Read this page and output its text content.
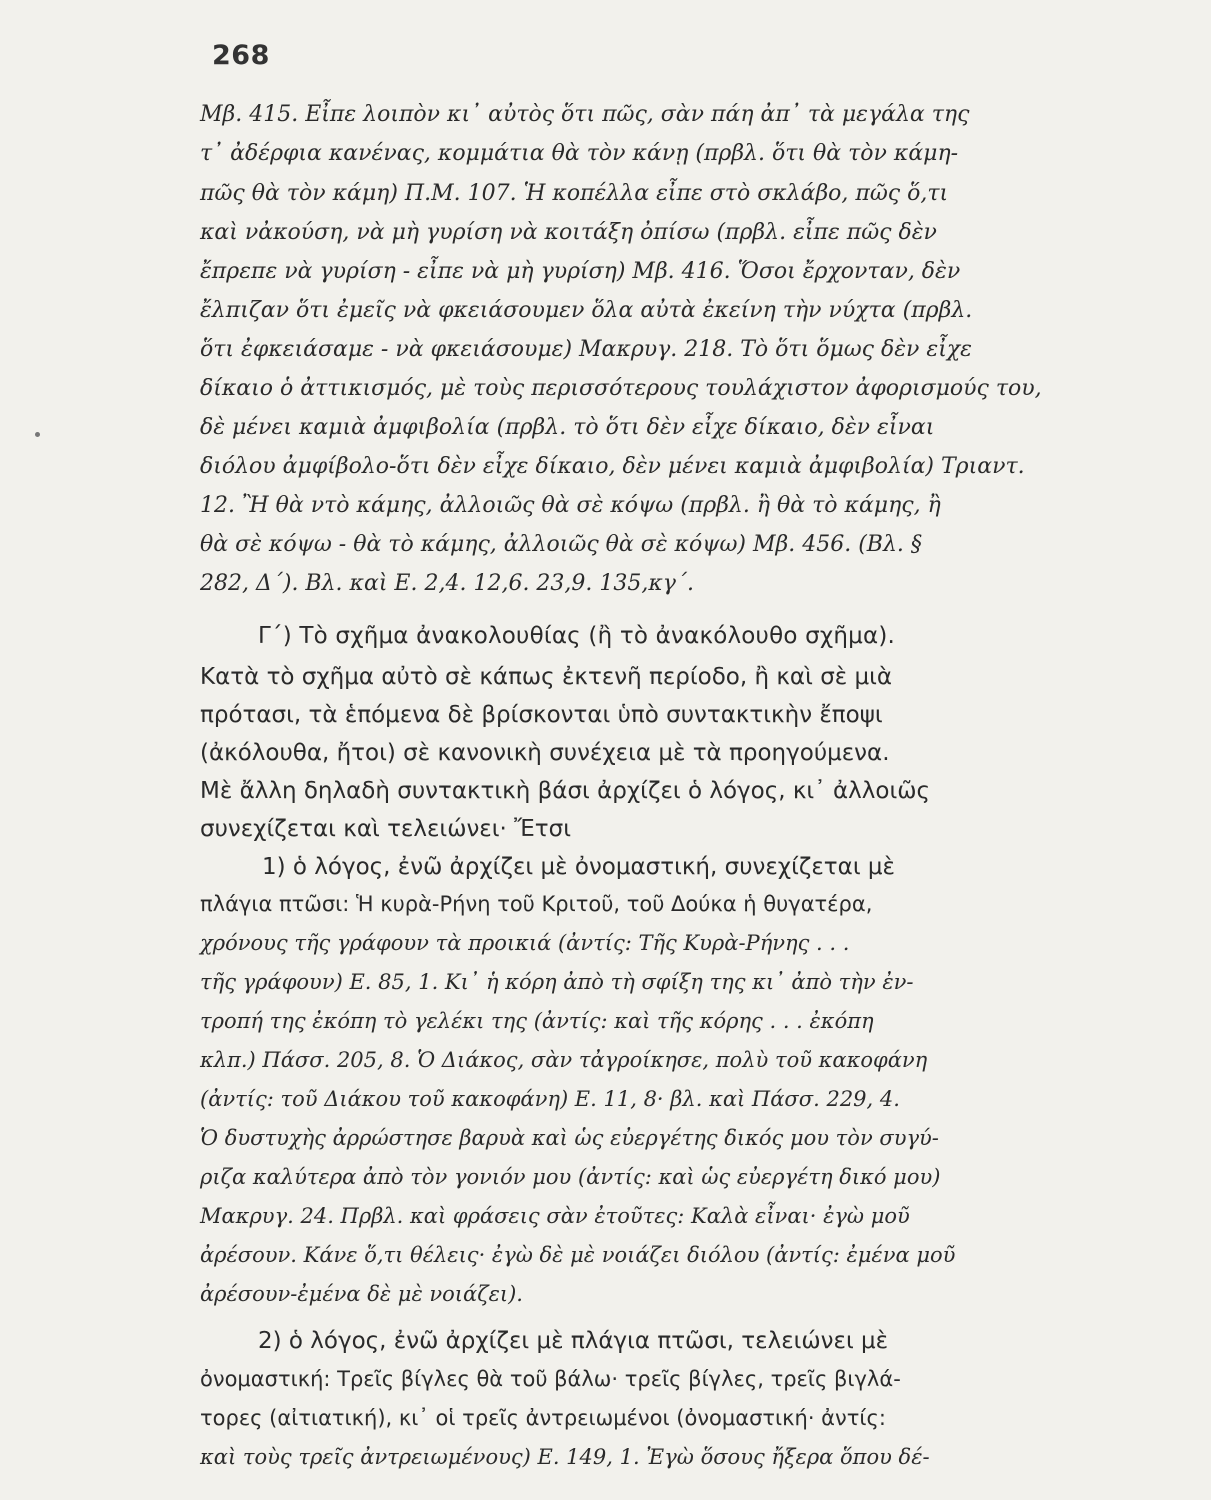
268
Μβ. 415. Εἶπε λοιπὸν κι᾽ αὐτὸς ὅτι πῶς, σὰν πάη ἀπ᾽ τὰ μεγάλα της
τ᾽ ἀδέρφια κανένας, κομμάτια θὰ τὸν κάνῃ (πρβλ. ὅτι θὰ τὸν κάμη-
πῶς θὰ τὸν κάμη) Π.Μ. 107. Ἡ κοπέλλα εἶπε στὸ σκλάβο, πῶς ὅ,τι
καὶ νἀκούση, νὰ μὴ γυρίση νὰ κοιτάξη ὀπίσω (πρβλ. εἶπε πῶς δὲν
ἔπρεπε νὰ γυρίση - εἶπε νὰ μὴ γυρίση) Μβ. 416. Ὅσοι ἔρχονταν, δὲν
ἔλπιζαν ὅτι ἐμεῖς νὰ φκειάσουμεν ὅλα αὐτὰ ἐκείνη τὴν νύχτα (πρβλ.
ὅτι ἐφκειάσαμε - νὰ φκειάσουμε) Μακρυγ. 218. Τὸ ὅτι ὅμως δὲν εἶχε
δίκαιο ὁ ἀττικισμός, μὲ τοὺς περισσότερους τουλάχιστον ἀφορισμούς του,
δὲ μένει καμιὰ ἀμφιβολία (πρβλ. τὸ ὅτι δὲν εἶχε δίκαιο, δὲν εἶναι
διόλου ἀμφίβολο-ὅτι δὲν εἶχε δίκαιο, δὲν μένει καμιὰ ἀμφιβολία) Τριαντ.
12. Ἢ θὰ ντὸ κάμης, ἀλλοιῶς θὰ σὲ κόψω (πρβλ. ἢ θὰ τὸ κάμης, ἢ
θὰ σὲ κόψω - θὰ τὸ κάμης, ἀλλοιῶς θὰ σὲ κόψω) Μβ. 456. (Βλ. §
282, Δ΄). Βλ. καὶ Ε. 2,4. 12,6. 23,9. 135,κγ΄.
Γ΄) Τὸ σχῆμα ἀνακολουθίας (ἢ τὸ ἀνακόλουθο σχῆμα).
Κατὰ τὸ σχῆμα αὐτὸ σὲ κάπως ἐκτενῆ περίοδο, ἢ καὶ σὲ μιὰ
πρότασι, τὰ ἑπόμενα δὲ βρίσκονται ὑπὸ συντακτικὴν ἔποψι
(ἀκόλουθα, ἤτοι) σὲ κανονικὴ συνέχεια μὲ τὰ προηγούμενα.
Μὲ ἄλλη δηλαδὴ συντακτικὴ βάσι ἀρχίζει ὁ λόγος, κι᾽ ἀλλοιῶς
συνεχίζεται καὶ τελειώνει· Ἔτσι
1) ὁ λόγος, ἐνῶ ἀρχίζει μὲ ὀνομαστική, συνεχίζεται μὲ
πλάγια πτῶσι: Ἡ κυρὰ-Ρήνη τοῦ Κριτοῦ, τοῦ Δούκα ἡ θυγατέρα,
χρόνους τῆς γράφουν τὰ προικιά (ἀντίς: Τῆς Κυρὰ-Ρήνης . . .
τῆς γράφουν) Ε. 85, 1. Κι᾽ ἡ κόρη ἀπὸ τὴ σφίξη της κι᾽ ἀπὸ τὴν ἐν-
τροπή της ἐκόπη τὸ γελέκι της (ἀντίς: καὶ τῆς κόρης . . . ἐκόπη
κλπ.) Πάσσ. 205, 8. Ὁ Διάκος, σὰν τἀγροίκησε, πολὺ τοῦ κακοφάνη
(ἀντίς: τοῦ Διάκου τοῦ κακοφάνη) Ε. 11, 8· βλ. καὶ Πάσσ. 229, 4.
Ὁ δυστυχὴς ἀρρώστησε βαρυὰ καὶ ὡς εὐεργέτης δικός μου τὸν συγύ-
ριζα καλύτερα ἀπὸ τὸν γονιόν μου (ἀντίς: καὶ ὡς εὐεργέτη δικό μου)
Μακρυγ. 24. Πρβλ. καὶ φράσεις σὰν ἐτοῦτες: Καλὰ εἶναι· ἐγὼ μοῦ
ἀρέσουν. Κάνε ὅ,τι θέλεις· ἐγὼ δὲ μὲ νοιάζει διόλου (ἀντίς: ἐμένα μοῦ
ἀρέσουν-ἐμένα δὲ μὲ νοιάζει).
2) ὁ λόγος, ἐνῶ ἀρχίζει μὲ πλάγια πτῶσι, τελειώνει μὲ
ὀνομαστική: Τρεῖς βίγλες θὰ τοῦ βάλω· τρεῖς βίγλες, τρεῖς βιγλά-
τορες (αἰτιατική), κι᾽ οἱ τρεῖς ἀντρειωμένοι (ὀνομαστική· ἀντίς:
καὶ τοὺς τρεῖς ἀντρειωμένους) Ε. 149, 1. Ἐγὼ ὅσους ἤξερα ὅπου δέ-
